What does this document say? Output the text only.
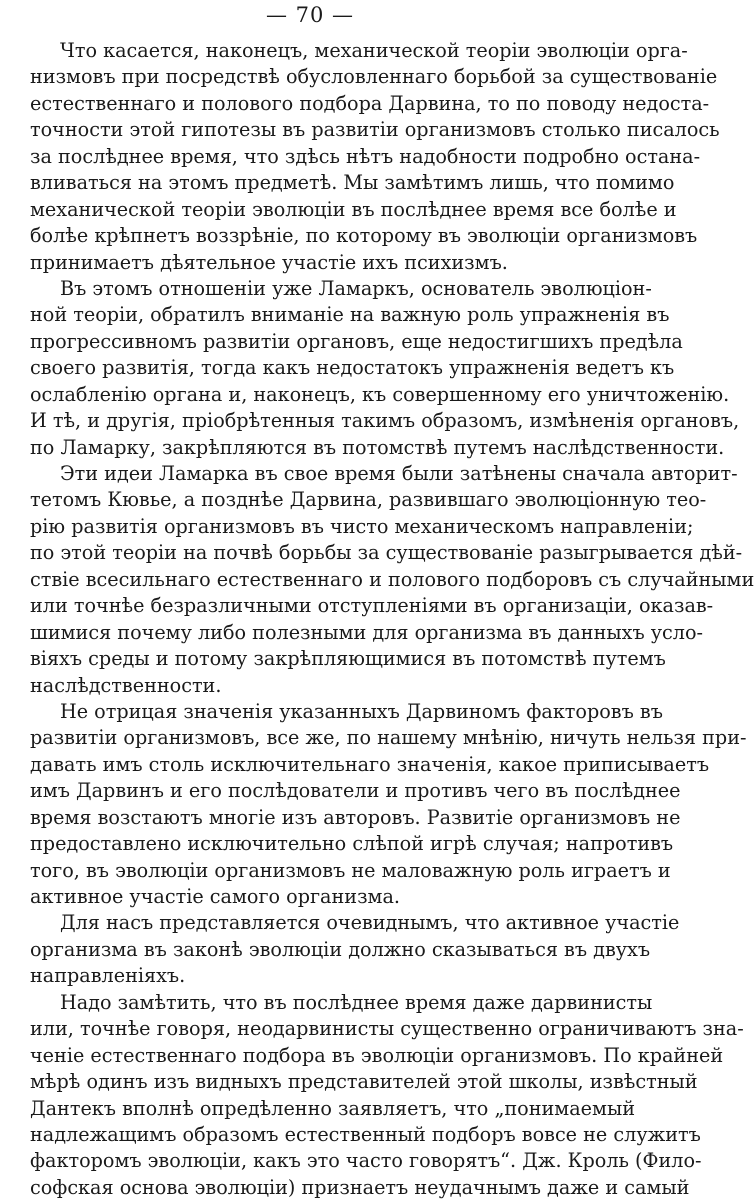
— 70 —
Что касается, наконецъ, механической теоріи эволюціи орга-
низмовъ при посредствѣ обусловленнаго борьбой за существованіе
естественнаго и полового подбора Дарвина, то по поводу недоста-
точности этой гипотезы въ развитіи организмовъ столько писалось
за послѣднее время, что здѣсь нѣтъ надобности подробно остана-
вливаться на этомъ предметѣ. Мы замѣтимъ лишь, что помимо
механической теоріи эволюціи въ послѣднее время все болѣе и
болѣе крѣпнетъ воззрѣніе, по которому въ эволюціи организмовъ
принимаетъ дѣятельное участіе ихъ психизмъ.
Въ этомъ отношеніи уже Ламаркъ, основатель эволюціон-
ной теоріи, обратилъ вниманіе на важную роль упражненія въ
прогрессивномъ развитіи органовъ, еще недостигшихъ предѣла
своего развитія, тогда какъ недостатокъ упражненія ведетъ къ
ослабленію органа и, наконецъ, къ совершенному его уничтоженію.
И тѣ, и другія, пріобрѣтенныя такимъ образомъ, измѣненія органовъ,
по Ламарку, закрѣпляются въ потомствѣ путемъ наслѣдственности.
Эти идеи Ламарка въ свое время были затѣнены сначала авторит-
тетомъ Кювье, а позднѣе Дарвина, развившаго эволюціонную тео-
рію развитія организмовъ въ чисто механическомъ направленіи;
по этой теоріи на почвѣ борьбы за существованіе разыгрывается дѣй-
ствіе всесильнаго естественнаго и полового подборовъ съ случайными
или точнѣе безразличными отступленіями въ организаціи, оказав-
шимися почему либо полезными для организма въ данныхъ усло-
віяхъ среды и потому закрѣпляющимися въ потомствѣ путемъ
наслѣдственности.
Не отрицая значенія указанныхъ Дарвиномъ факторовъ въ
развитіи организмовъ, все же, по нашему мнѣнію, ничуть нельзя при-
давать имъ столь исключительнаго значенія, какое приписываетъ
имъ Дарвинъ и его послѣдователи и противъ чего въ послѣднее
время возстаютъ многіе изъ авторовъ. Развитіе организмовъ не
предоставлено исключительно слѣпой игрѣ случая; напротивъ
того, въ эволюціи организмовъ не маловажную роль играетъ и
активное участіе самого организма.
Для насъ представляется очевиднымъ, что активное участіе
организма въ законѣ эволюціи должно сказываться въ двухъ
направленіяхъ.
Надо замѣтить, что въ послѣднее время даже дарвинисты
или, точнѣе говоря, неодарвинисты существенно ограничиваютъ зна-
ченіе естественнаго подбора въ эволюціи организмовъ. По крайней
мѣрѣ одинъ изъ видныхъ представителей этой школы, извѣстный
Дантекъ вполнѣ опредѣленно заявляетъ, что „понимаемый
надлежащимъ образомъ естественный подборъ вовсе не служитъ
факторомъ эволюціи, какъ это часто говорятъ“. Дж. Кроль (Фило-
софская основа эволюціи) признаетъ неудачнымъ даже и самый
